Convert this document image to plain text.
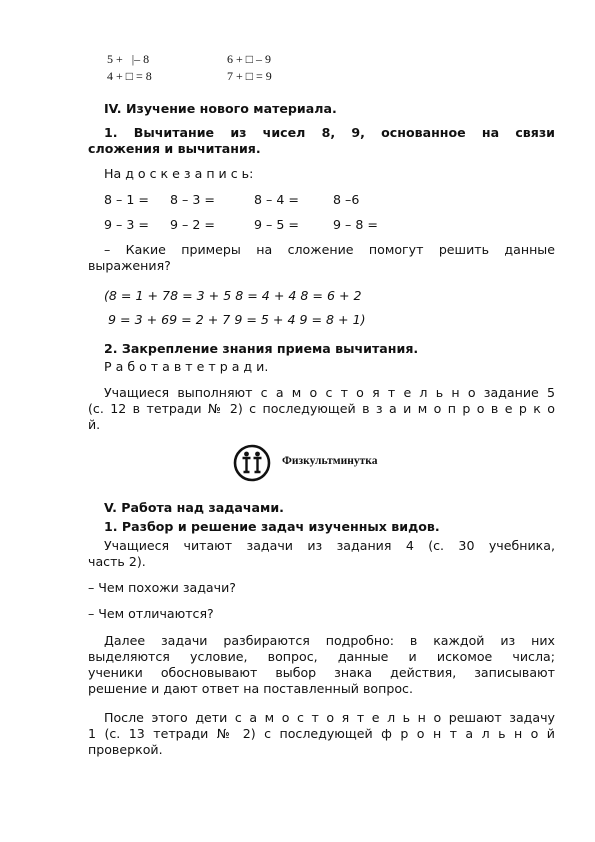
5 +   |– 8	6 + □ – 9
4 + □ = 8	7 + □ = 9
IV. Изучение нового материала.
1. Вычитание из чисел 8, 9, основанное на связи
сложения и вычитания.
На д о с к е з а п и с ь:
8 – 1 = 8 – 3 =	8 – 4 =	8 –6
9 – 3 = 9 – 2 =	9 – 5 =	9 – 8 =
– Какие примеры на сложение помогут решить данные
выражения?
(8 = 1 + 78 = 3 + 5 8 = 4 + 4 8 = 6 + 2
9 = 3 + 69 = 2 + 7 9 = 5 + 4 9 = 8 + 1)
2. Закрепление знания приема вычитания.
Р а б о т а в т е т р а д и.
Учащиеся выполняют с а м о с т о я т е л ь н о задание 5
(с. 12 в тетради № 2) с последующей в з а и м о п р о в е р к о
й.
Физкультминутка
V. Работа над задачами.
1. Разбор и решение задач изученных видов.
Учащиеся читают задачи из задания 4 (с. 30 учебника,
часть 2).
– Чем похожи задачи?
– Чем отличаются?
Далее задачи разбираются подробно: в каждой из них
выделяются условие, вопрос, данные и искомое числа;
ученики обосновывают выбор знака действия, записывают
решение и дают ответ на поставленный вопрос.
После этого дети с а м о с т о я т е л ь н о решают задачу
1 (с. 13 тетради № 2) с последующей ф р о н т а л ь н о й
проверкой.
